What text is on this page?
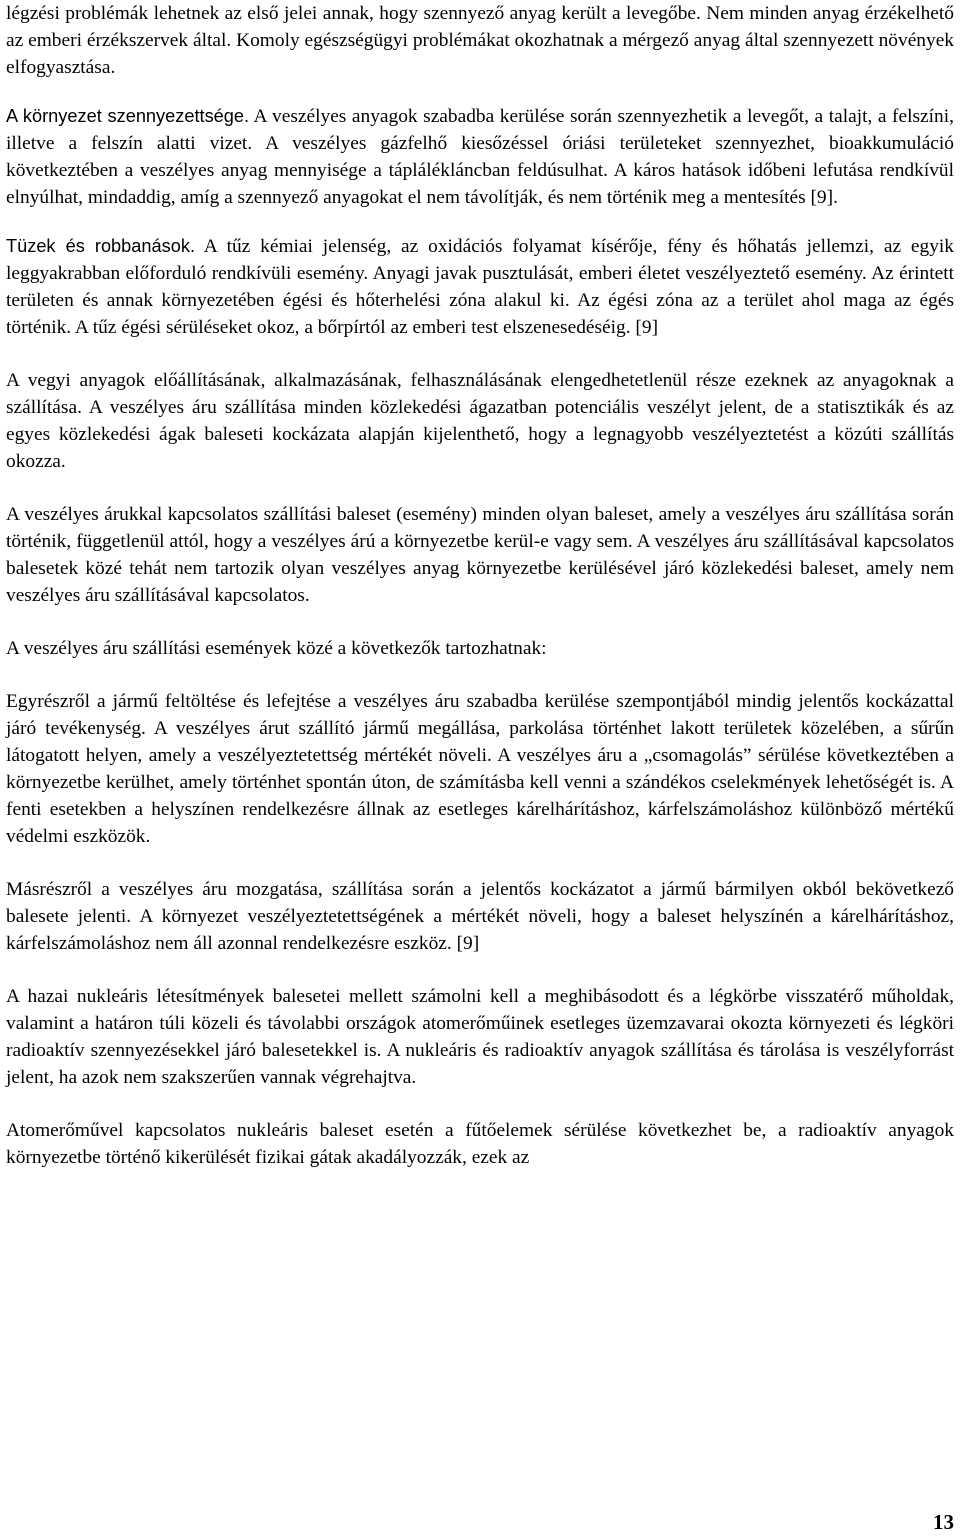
légzési problémák lehetnek az első jelei annak, hogy szennyező anyag került a levegőbe. Nem minden anyag érzékelhető az emberi érzékszervek által. Komoly egészségügyi problémákat okozhatnak a mérgező anyag által szennyezett növények elfogyasztása.

A környezet szennyezettsége. A veszélyes anyagok szabadba kerülése során szennyezhetik a levegőt, a talajt, a felszíni, illetve a felszín alatti vizet. A veszélyes gázfelhő kiesőzéssel óriási területeket szennyezhet, bioakkumuláció következtében a veszélyes anyag mennyisége a táplálékláncban feldúsulhat. A káros hatások időbeni lefutása rendkívül elnyúlhat, mindaddig, amíg a szennyező anyagokat el nem távolítják, és nem történik meg a mentesítés [9].

Tüzek és robbanások. A tűz kémiai jelenség, az oxidációs folyamat kísérője, fény és hőhatás jellemzi, az egyik leggyakrabban előforduló rendkívüli esemény. Anyagi javak pusztulását, emberi életet veszélyeztető esemény. Az érintett területen és annak környezetében égési és hőterhelési zóna alakul ki. Az égési zóna az a terület ahol maga az égés történik. A tűz égési sérüléseket okoz, a bőrpírtól az emberi test elszenesedéséig. [9]

A vegyi anyagok előállításának, alkalmazásának, felhasználásának elengedhetetlenül része ezeknek az anyagoknak a szállítása. A veszélyes áru szállítása minden közlekedési ágazatban potenciális veszélyt jelent, de a statisztikák és az egyes közlekedési ágak baleseti kockázata alapján kijelenthető, hogy a legnagyobb veszélyeztetést a közúti szállítás okozza.

A veszélyes árukkal kapcsolatos szállítási baleset (esemény) minden olyan baleset, amely a veszélyes áru szállítása során történik, függetlenül attól, hogy a veszélyes árú a környezetbe kerül-e vagy sem. A veszélyes áru szállításával kapcsolatos balesetek közé tehát nem tartozik olyan veszélyes anyag környezetbe kerülésével járó közlekedési baleset, amely nem veszélyes áru szállításával kapcsolatos.

A veszélyes áru szállítási események közé a következők tartozhatnak:

Egyrészről a jármű feltöltése és lefejtése a veszélyes áru szabadba kerülése szempontjából mindig jelentős kockázattal járó tevékenység. A veszélyes árut szállító jármű megállása, parkolása történhet lakott területek közelében, a sűrűn látogatott helyen, amely a veszélyeztetettség mértékét növeli. A veszélyes áru a „csomagolás” sérülése következtében a környezetbe kerülhet, amely történhet spontán úton, de számításba kell venni a szándékos cselekmények lehetőségét is. A fenti esetekben a helyszínen rendelkezésre állnak az esetleges kárelhárításhoz, kárfelszámoláshoz különböző mértékű védelmi eszközök.

Másrészről a veszélyes áru mozgatása, szállítása során a jelentős kockázatot a jármű bármilyen okból bekövetkező balesete jelenti. A környezet veszélyeztetettségének a mértékét növeli, hogy a baleset helyszínén a kárelhárításhoz, kárfelszámoláshoz nem áll azonnal rendelkezésre eszköz. [9]

A hazai nukleáris létesítmények balesetei mellett számolni kell a meghibásodott és a légkörbe visszatérő műholdak, valamint a határon túli közeli és távolabbi országok atomerőműinek esetleges üzemzavarai okozta környezeti és légköri radioaktív szennyezésekkel járó balesetekkel is. A nukleáris és radioaktív anyagok szállítása és tárolása is veszélyforrást jelent, ha azok nem szakszerűen vannak végrehajtva.

Atomerőművel kapcsolatos nukleáris baleset esetén a fűtőelemek sérülése következhet be, a radioaktív anyagok környezetbe történő kikerülését fizikai gátak akadályozzák, ezek az

13
